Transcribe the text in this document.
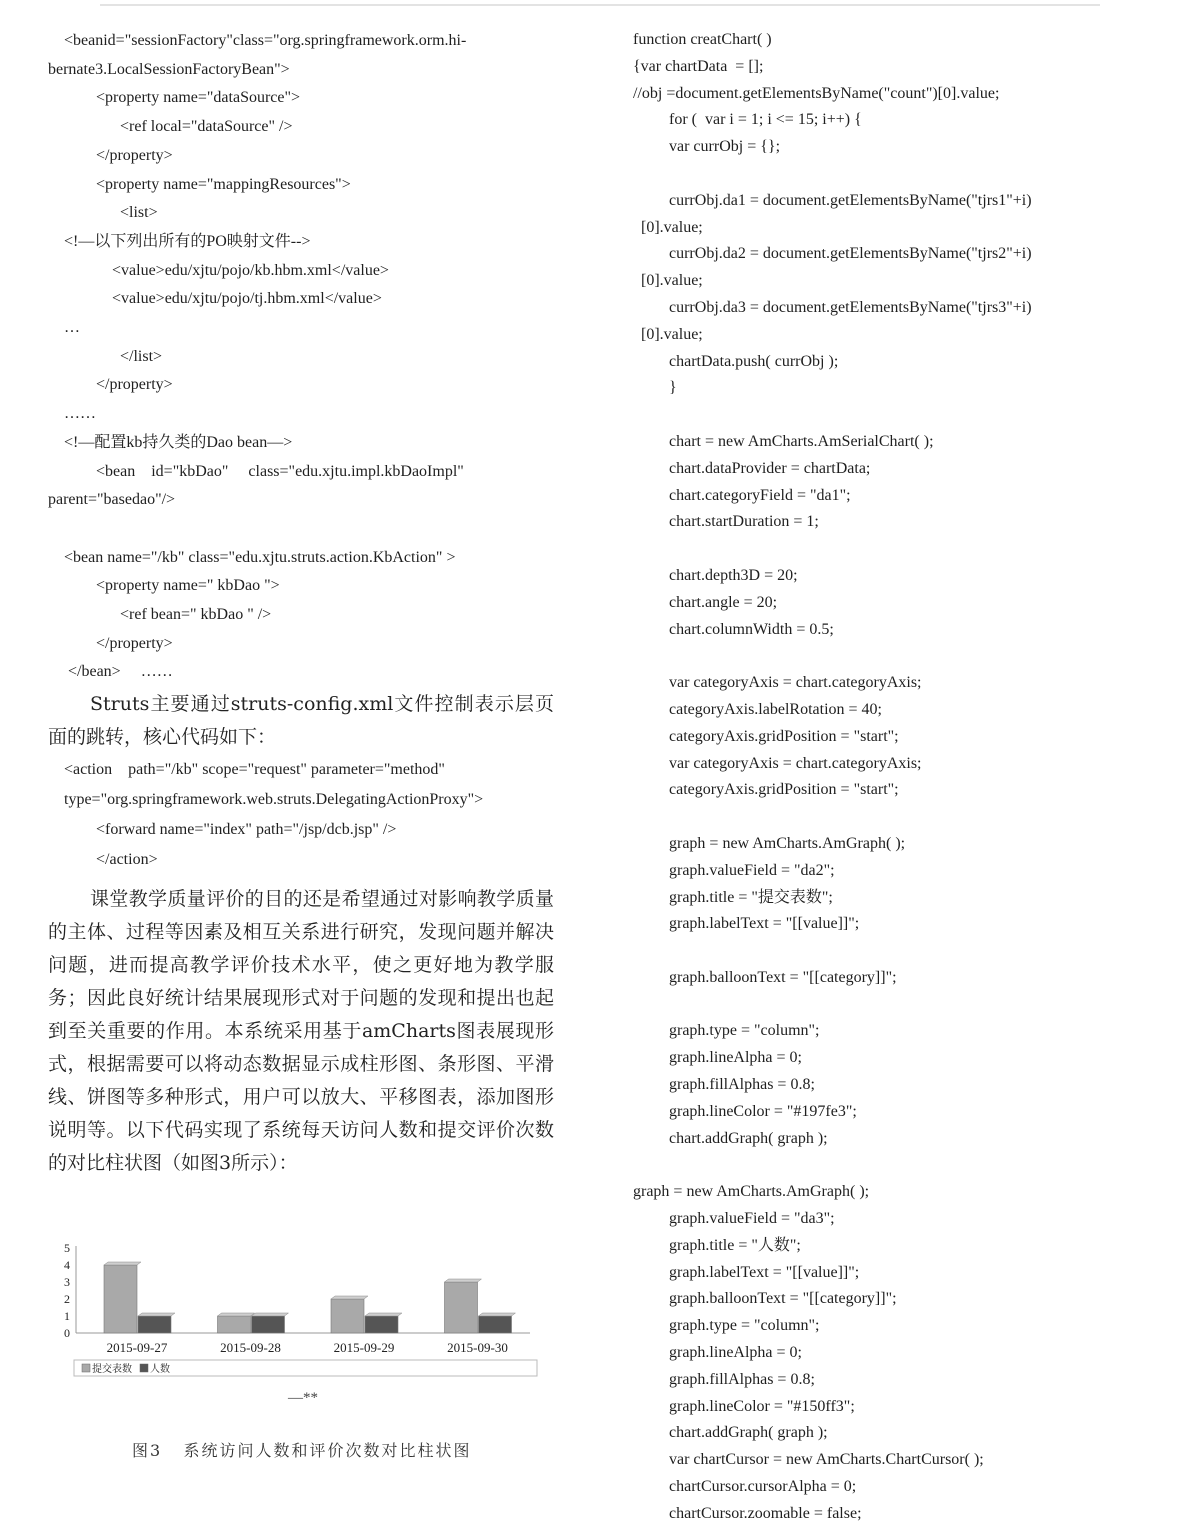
<beanid="sessionFactory"class="org.springframework.orm.hi-
bernate3.LocalSessionFactoryBean">
<property name="dataSource">
<ref local="dataSource" />
</property>
<property name="mappingResources">
<list>
<!—以下列出所有的PO映射文件-->
<value>edu/xjtu/pojo/kb.hbm.xml</value>
<value>edu/xjtu/pojo/tj.hbm.xml</value>
…
</list>
</property>
……
<!—配置kb持久类的Dao bean—>
<bean    id="kbDao"     class="edu.xjtu.impl.kbDaoImpl"
parent="basedao"/>

<bean name="/kb" class="edu.xjtu.struts.action.KbAction" >
<property name=" kbDao ">
<ref bean=" kbDao " />
</property>
</bean>     ……

Struts主要通过struts-config.xml文件控制表示层页面的跳转，核心代码如下：

<action    path="/kb" scope="request" parameter="method"
type="org.springframework.web.struts.DelegatingActionProxy">
<forward name="index" path="/jsp/dcb.jsp" />
</action>

课堂教学质量评价的目的还是希望通过对影响教学质量的主体、过程等因素及相互关系进行研究，发现问题并解决问题，进而提高教学评价技术水平，使之更好地为教学服务；因此良好统计结果展现形式对于问题的发现和提出也起到至关重要的作用。本系统采用基于amCharts图表展现形式，根据需要可以将动态数据显示成柱形图、条形图、平滑线、饼图等多种形式，用户可以放大、平移图表，添加图形说明等。以下代码实现了系统每天访问人数和提交评价次数的对比柱状图（如图3所示）：

0
1
2
3
4
5
2015-09-27	2015-09-28	2015-09-29	2015-09-30
提交表数 人数
—**
图3   系统访问人数和评价次数对比柱状图
function creatChart( )
{var chartData  = [];
//obj =document.getElementsByName("count")[0].value;
for (  var i = 1; i <= 15; i++) {
var currObj = {};

currObj.da1 = document.getElementsByName("tjrs1"+i)
[0].value;
currObj.da2 = document.getElementsByName("tjrs2"+i)
[0].value;
currObj.da3 = document.getElementsByName("tjrs3"+i)
[0].value;
chartData.push( currObj );
}

chart = new AmCharts.AmSerialChart( );
chart.dataProvider = chartData;
chart.categoryField = "da1";
chart.startDuration = 1;

chart.depth3D = 20;
chart.angle = 20;
chart.columnWidth = 0.5;

var categoryAxis = chart.categoryAxis;
categoryAxis.labelRotation = 40;
categoryAxis.gridPosition = "start";
var categoryAxis = chart.categoryAxis;
categoryAxis.gridPosition = "start";

graph = new AmCharts.AmGraph( );
graph.valueField = "da2";
graph.title = "提交表数";
graph.labelText = "[[value]]";

graph.balloonText = "[[category]]";

graph.type = "column";
graph.lineAlpha = 0;
graph.fillAlphas = 0.8;
graph.lineColor = "#197fe3";
chart.addGraph( graph );

graph = new AmCharts.AmGraph( );
graph.valueField = "da3";
graph.title = "人数";
graph.labelText = "[[value]]";
graph.balloonText = "[[category]]";
graph.type = "column";
graph.lineAlpha = 0;
graph.fillAlphas = 0.8;
graph.lineColor = "#150ff3";
chart.addGraph( graph );
var chartCursor = new AmCharts.ChartCursor( );
chartCursor.cursorAlpha = 0;
chartCursor.zoomable = false;
